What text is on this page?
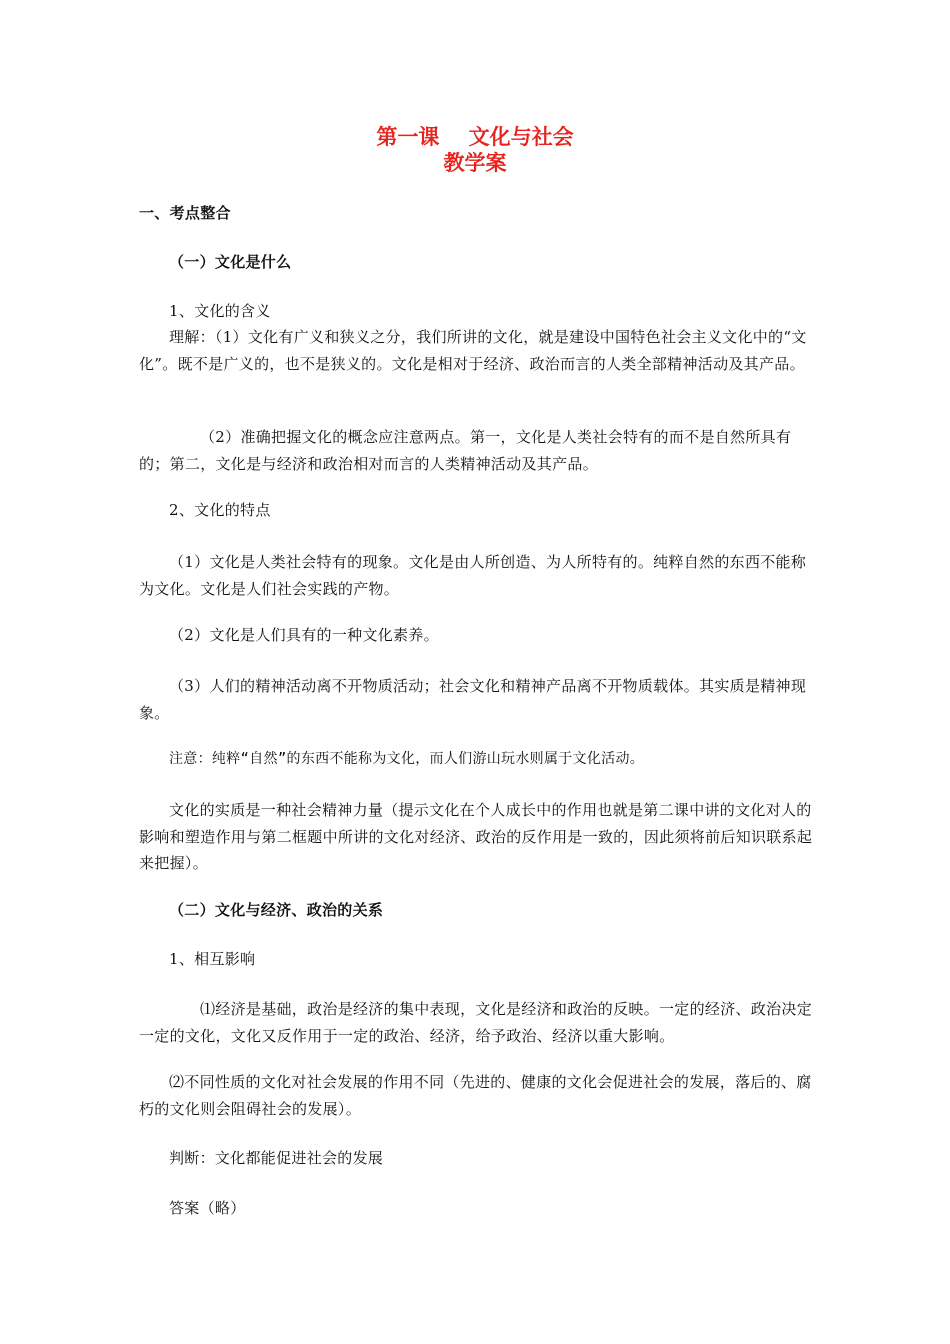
第一课    文化与社会
教学案
一、考点整合
（一）文化是什么
1、文化的含义
理解：（1）文化有广义和狭义之分，我们所讲的文化，就是建设中国特色社会主义文化中的“文化”。既不是广义的，也不是狭义的。文化是相对于经济、政治而言的人类全部精神活动及其产品。
（2）准确把握文化的概念应注意两点。第一，文化是人类社会特有的而不是自然所具有的；第二，文化是与经济和政治相对而言的人类精神活动及其产品。
2、文化的特点
（1）文化是人类社会特有的现象。文化是由人所创造、为人所特有的。纯粹自然的东西不能称为文化。文化是人们社会实践的产物。
（2）文化是人们具有的一种文化素养。
（3）人们的精神活动离不开物质活动；社会文化和精神产品离不开物质载体。其实质是精神现象。
注意：纯粹“自然”的东西不能称为文化，而人们游山玩水则属于文化活动。
文化的实质是一种社会精神力量（提示文化在个人成长中的作用也就是第二课中讲的文化对人的影响和塑造作用与第二框题中所讲的文化对经济、政治的反作用是一致的，因此须将前后知识联系起来把握）。
（二）文化与经济、政治的关系
1、相互影响
⑴经济是基础，政治是经济的集中表现，文化是经济和政治的反映。一定的经济、政治决定一定的文化，文化又反作用于一定的政治、经济，给予政治、经济以重大影响。
⑵不同性质的文化对社会发展的作用不同（先进的、健康的文化会促进社会的发展，落后的、腐朽的文化则会阻碍社会的发展）。
判断：文化都能促进社会的发展
答案（略）
